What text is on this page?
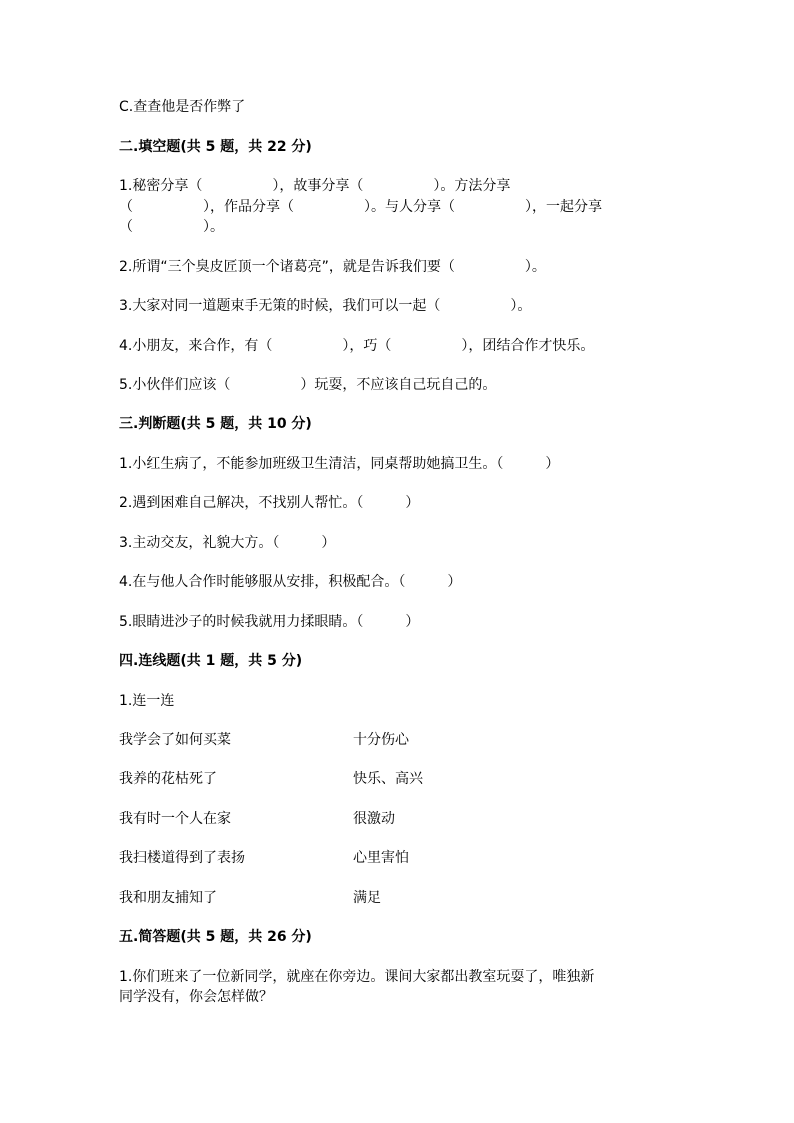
C.查查他是否作弊了
二.填空题(共 5 题，共 22 分)
1.秘密分享（　　　　　），故事分享（　　　　　）。方法分享
（　　　　　），作品分享（　　　　　）。与人分享（　　　　　），一起分享
（　　　　　）。
2.所谓“三个臭皮匠顶一个诸葛亮”，就是告诉我们要（　　　　　）。
3.大家对同一道题束手无策的时候，我们可以一起（　　　　　）。
4.小朋友，来合作，有（　　　　　），巧（　　　　　），团结合作才快乐。
5.小伙伴们应该（　　　　　）玩耍，不应该自己玩自己的。
三.判断题(共 5 题，共 10 分)
1.小红生病了，不能参加班级卫生清洁，同桌帮助她搞卫生。（　　　）
2.遇到困难自己解决，不找别人帮忙。（　　　）
3.主动交友，礼貌大方。（　　　）
4.在与他人合作时能够服从安排，积极配合。（　　　）
5.眼睛进沙子的时候我就用力揉眼睛。（　　　）
四.连线题(共 1 题，共 5 分)
1.连一连
我学会了如何买菜	十分伤心
我养的花枯死了	快乐、高兴
我有时一个人在家	很激动
我扫楼道得到了表扬	心里害怕
我和朋友捕知了	满足
五.简答题(共 5 题，共 26 分)
1.你们班来了一位新同学，就座在你旁边。课间大家都出教室玩耍了，唯独新
同学没有，你会怎样做？
